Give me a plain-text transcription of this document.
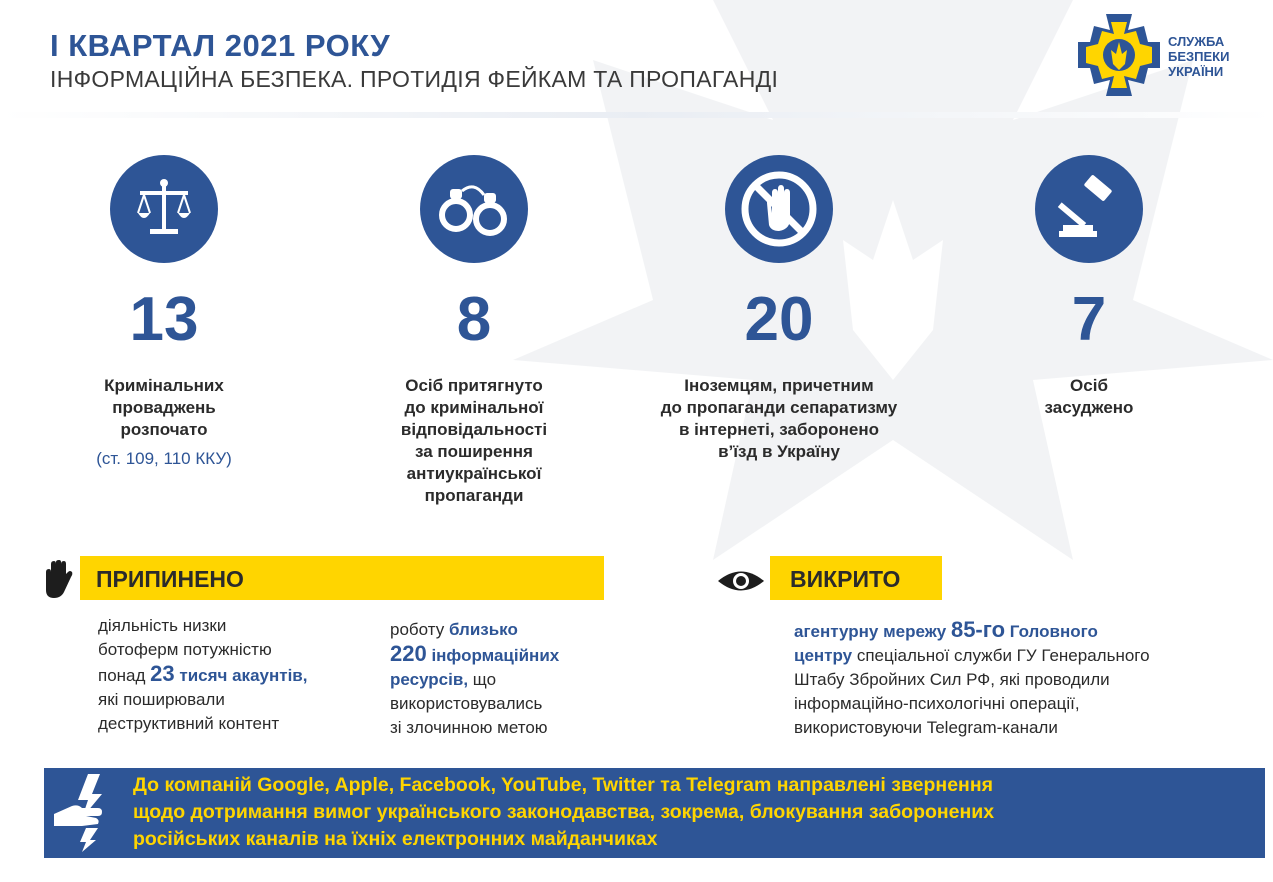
І КВАРТАЛ 2021 РОКУ
ІНФОРМАЦІЙНА БЕЗПЕКА. ПРОТИДІЯ ФЕЙКАМ ТА ПРОПАГАНДІ
СЛУЖБА
БЕЗПЕКИ
УКРАЇНИ
13
Кримінальних
проваджень
розпочато
(ст. 109, 110 ККУ)
8
Осіб притягнуто
до кримінальної
відповідальності
за поширення
антиукраїнської
пропаганди
20
Іноземцям, причетним
до пропаганди сепаратизму
в інтернеті, заборонено
в’їзд в Україну
7
Осіб
засуджено
ПРИПИНЕНО
діяльність низки
ботоферм потужністю
понад 23 тисяч акаунтів,
які поширювали
деструктивний контент
роботу близько
220 інформаційних
ресурсів, що
використовувались
зі злочинною метою
ВИКРИТО
агентурну мережу 85-го Головного
центру спеціальної служби ГУ Генерального
Штабу Збройних Сил РФ, які проводили
інформаційно-психологічні операції,
використовуючи Telegram-канали
До компаній Google, Apple, Facebook, YouTube, Twitter та Telegram направлені звернення
щодо дотримання вимог українського законодавства, зокрема, блокування заборонених
російських каналів на їхніх електронних майданчиках
